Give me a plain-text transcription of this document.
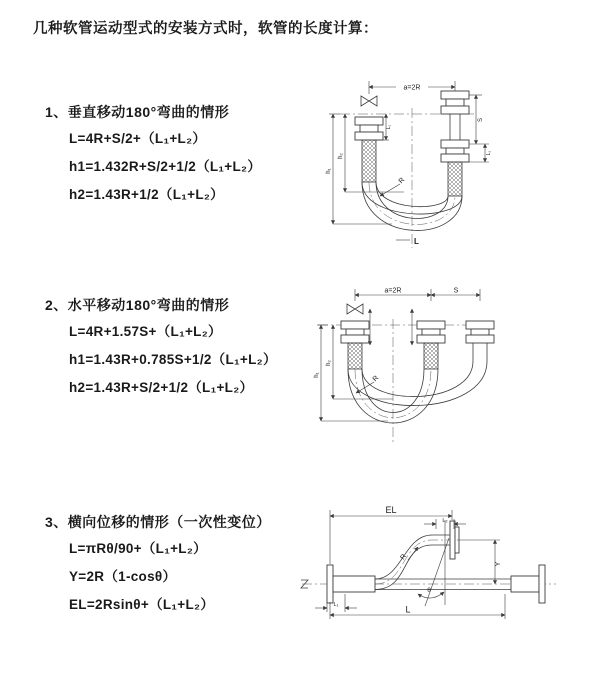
几种软管运动型式的安装方式时，软管的长度计算：
1、垂直移动180°弯曲的情形
L=4R+S/2+（L₁+L₂）
h1=1.432R+S/2+1/2（L₁+L₂）
h2=1.43R+1/2（L₁+L₂）
a=2R
R
h₂
h₁
S
L₁
L₁
L
2、水平移动180°弯曲的情形
L=4R+1.57S+（L₁+L₂）
h1=1.43R+0.785S+1/2（L₁+L₂）
h2=1.43R+S/2+1/2（L₁+L₂）
a=2R	S
R
h₂
h₁
3、横向位移的情形（一次性变位）
L=πRθ/90+（L₁+L₂）
Y=2R（1-cosθ）
EL=2Rsinθ+（L₁+L₂）
EL
L₂
L₁
Y
R
θ
L
